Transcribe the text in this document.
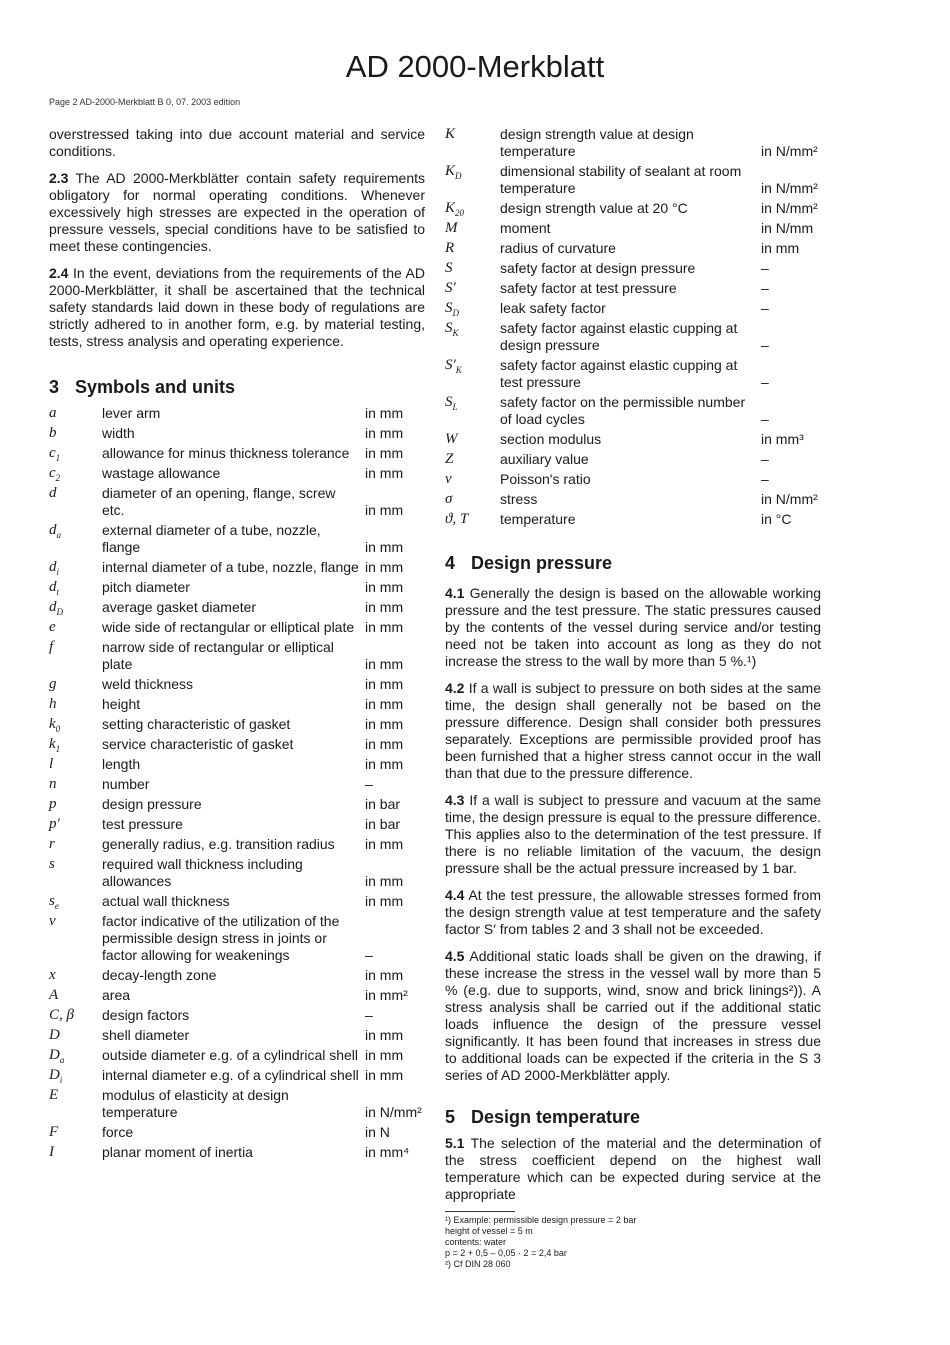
AD 2000-Merkblatt
Page 2 AD-2000-Merkblatt B 0, 07. 2003 edition

overstressed taking into due account material and service conditions.

2.3 The AD 2000-Merkblätter contain safety requirements obligatory for normal operating conditions. Whenever excessively high stresses are expected in the operation of pressure vessels, special conditions have to be satisfied to meet these contingencies.

2.4 In the event, deviations from the requirements of the AD 2000-Merkblätter, it shall be ascertained that the technical safety standards laid down in these body of regulations are strictly adhered to in another form, e.g. by material testing, tests, stress analysis and operating experience.

3 Symbols and units
a	lever arm	in mm
b	width	in mm
$c_1$	allowance for minus thickness tolerance	in mm
$c_2$	wastage allowance	in mm
d	diameter of an opening, flange, screw etc.	in mm
$d_a$	external diameter of a tube, nozzle, flange	in mm
$d_i$	internal diameter of a tube, nozzle, flange in mm
$d_t$	pitch diameter	in mm
$d_D$	average gasket diameter	in mm
e	wide side of rectangular or elliptical plate in mm
f	narrow side of rectangular or elliptical plate	in mm
g	weld thickness	in mm
h	height	in mm
$k_0$	setting characteristic of gasket	in mm
$k_1$	service characteristic of gasket	in mm
l	length	in mm
n	number	–
p	design pressure	in bar
p′	test pressure	in bar
r	generally radius, e.g. transition radius	in mm
s	required wall thickness including allowances	in mm
$s_e$	actual wall thickness	in mm
v	factor indicative of the utilization of the permissible design stress in joints or factor allowing for weakenings	–
x	decay-length zone	in mm
A	area	in mm²
C, β	design factors	–
D	shell diameter	in mm
$D_a$	outside diameter e.g. of a cylindrical shell in mm
$D_i$	internal diameter e.g. of a cylindrical shell in mm
E	modulus of elasticity at design temperature	in N/mm²
F	force	in N
I	planar moment of inertia	in mm⁴
K	design strength value at design temperature	in N/mm²
$K_D$	dimensional stability of sealant at room temperature	in N/mm²
$K_{20}$	design strength value at 20 °C	in N/mm²
M	moment	in N/mm
R	radius of curvature	in mm
S	safety factor at design pressure	–
S′	safety factor at test pressure	–
$S_D$	leak safety factor	–
$S_K$	safety factor against elastic cupping at design pressure	–
$S'_K$	safety factor against elastic cupping at test pressure	–
$S_L$	safety factor on the permissible number of load cycles	–
W	section modulus	in mm³
Z	auxiliary value	–
ν	Poisson's ratio	–
σ	stress	in N/mm²
ϑ, T	temperature	in °C
4 Design pressure

4.1 Generally the design is based on the allowable working pressure and the test pressure. The static pressures caused by the contents of the vessel during service and/or testing need not be taken into account as long as they do not increase the stress to the wall by more than 5 %.¹)

4.2 If a wall is subject to pressure on both sides at the same time, the design shall generally not be based on the pressure difference. Design shall consider both pressures separately. Exceptions are permissible provided proof has been furnished that a higher stress cannot occur in the wall than that due to the pressure difference.

4.3 If a wall is subject to pressure and vacuum at the same time, the design pressure is equal to the pressure difference. This applies also to the determination of the test pressure. If there is no reliable limitation of the vacuum, the design pressure shall be the actual pressure increased by 1 bar.

4.4 At the test pressure, the allowable stresses formed from the design strength value at test temperature and the safety factor S′ from tables 2 and 3 shall not be exceeded.

4.5 Additional static loads shall be given on the drawing, if these increase the stress in the vessel wall by more than 5 % (e.g. due to supports, wind, snow and brick linings²)). A stress analysis shall be carried out if the additional static loads influence the design of the pressure vessel significantly. It has been found that increases in stress due to additional loads can be expected if the criteria in the S 3 series of AD 2000-Merkblätter apply.

5 Design temperature

5.1 The selection of the material and the determination of the stress coefficient depend on the highest wall temperature which can be expected during service at the appropriate

¹) Example: permissible design pressure = 2 bar
height of vessel = 5 m
contents: water
p = 2 + 0,5 – 0,05 · 2 = 2,4 bar
²) Cf DIN 28 060
